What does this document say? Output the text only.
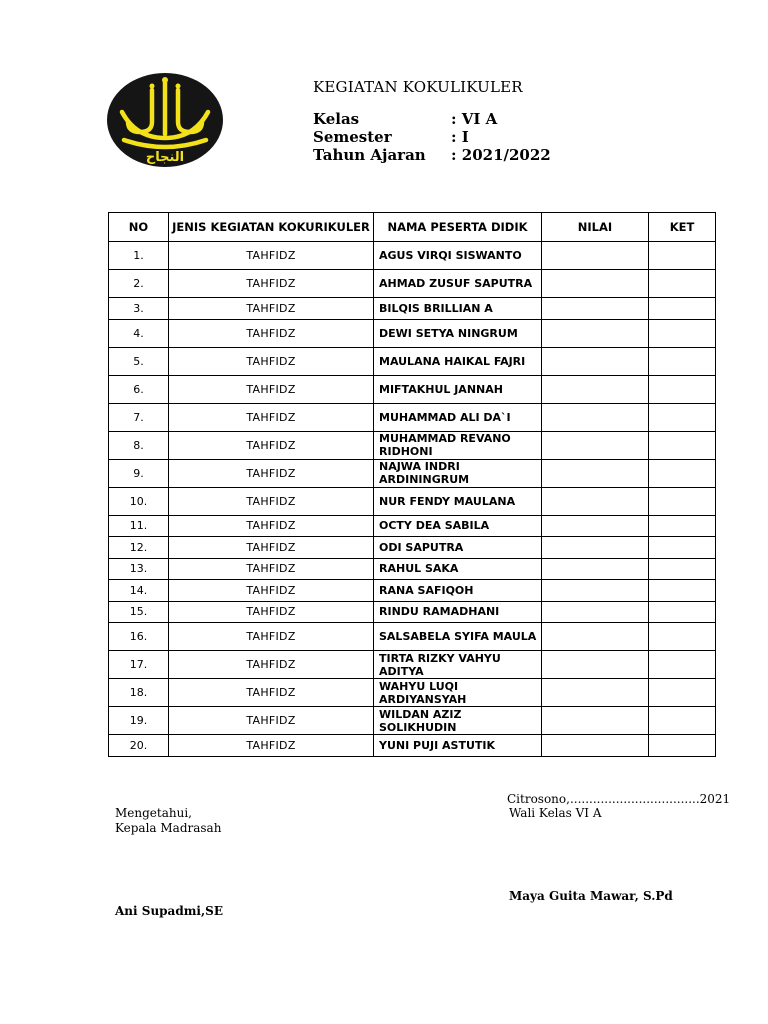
النجاح
KEGIATAN KOKULIKULER
Kelas	: VI A
Semester	: I
Tahun Ajaran	: 2021/2022
NO	JENIS KEGIATAN KOKURIKULER	NAMA PESERTA DIDIK	NILAI	KET
1.	TAHFIDZ	AGUS VIRQI SISWANTO		
2.	TAHFIDZ	AHMAD ZUSUF SAPUTRA		
3.	TAHFIDZ	BILQIS BRILLIAN A		
4.	TAHFIDZ	DEWI SETYA NINGRUM		
5.	TAHFIDZ	MAULANA HAIKAL FAJRI		
6.	TAHFIDZ	MIFTAKHUL JANNAH		
7.	TAHFIDZ	MUHAMMAD ALI DA`I		
8.	TAHFIDZ	MUHAMMAD REVANO RIDHONI		
9.	TAHFIDZ	NAJWA INDRI ARDININGRUM		
10.	TAHFIDZ	NUR FENDY MAULANA		
11.	TAHFIDZ	OCTY DEA SABILA		
12.	TAHFIDZ	ODI SAPUTRA		
13.	TAHFIDZ	RAHUL SAKA		
14.	TAHFIDZ	RANA SAFIQOH		
15.	TAHFIDZ	RINDU RAMADHANI		
16.	TAHFIDZ	SALSABELA SYIFA MAULA		
17.	TAHFIDZ	TIRTA RIZKY VAHYU ADITYA		
18.	TAHFIDZ	WAHYU LUQI ARDIYANSYAH		
19.	TAHFIDZ	WILDAN AZIZ SOLIKHUDIN		
20.	TAHFIDZ	YUNI PUJI ASTUTIK		
Citrosono,..................................2021
Wali Kelas VI A
Mengetahui,
Kepala Madrasah
Maya Guita Mawar, S.Pd
Ani Supadmi,SE
